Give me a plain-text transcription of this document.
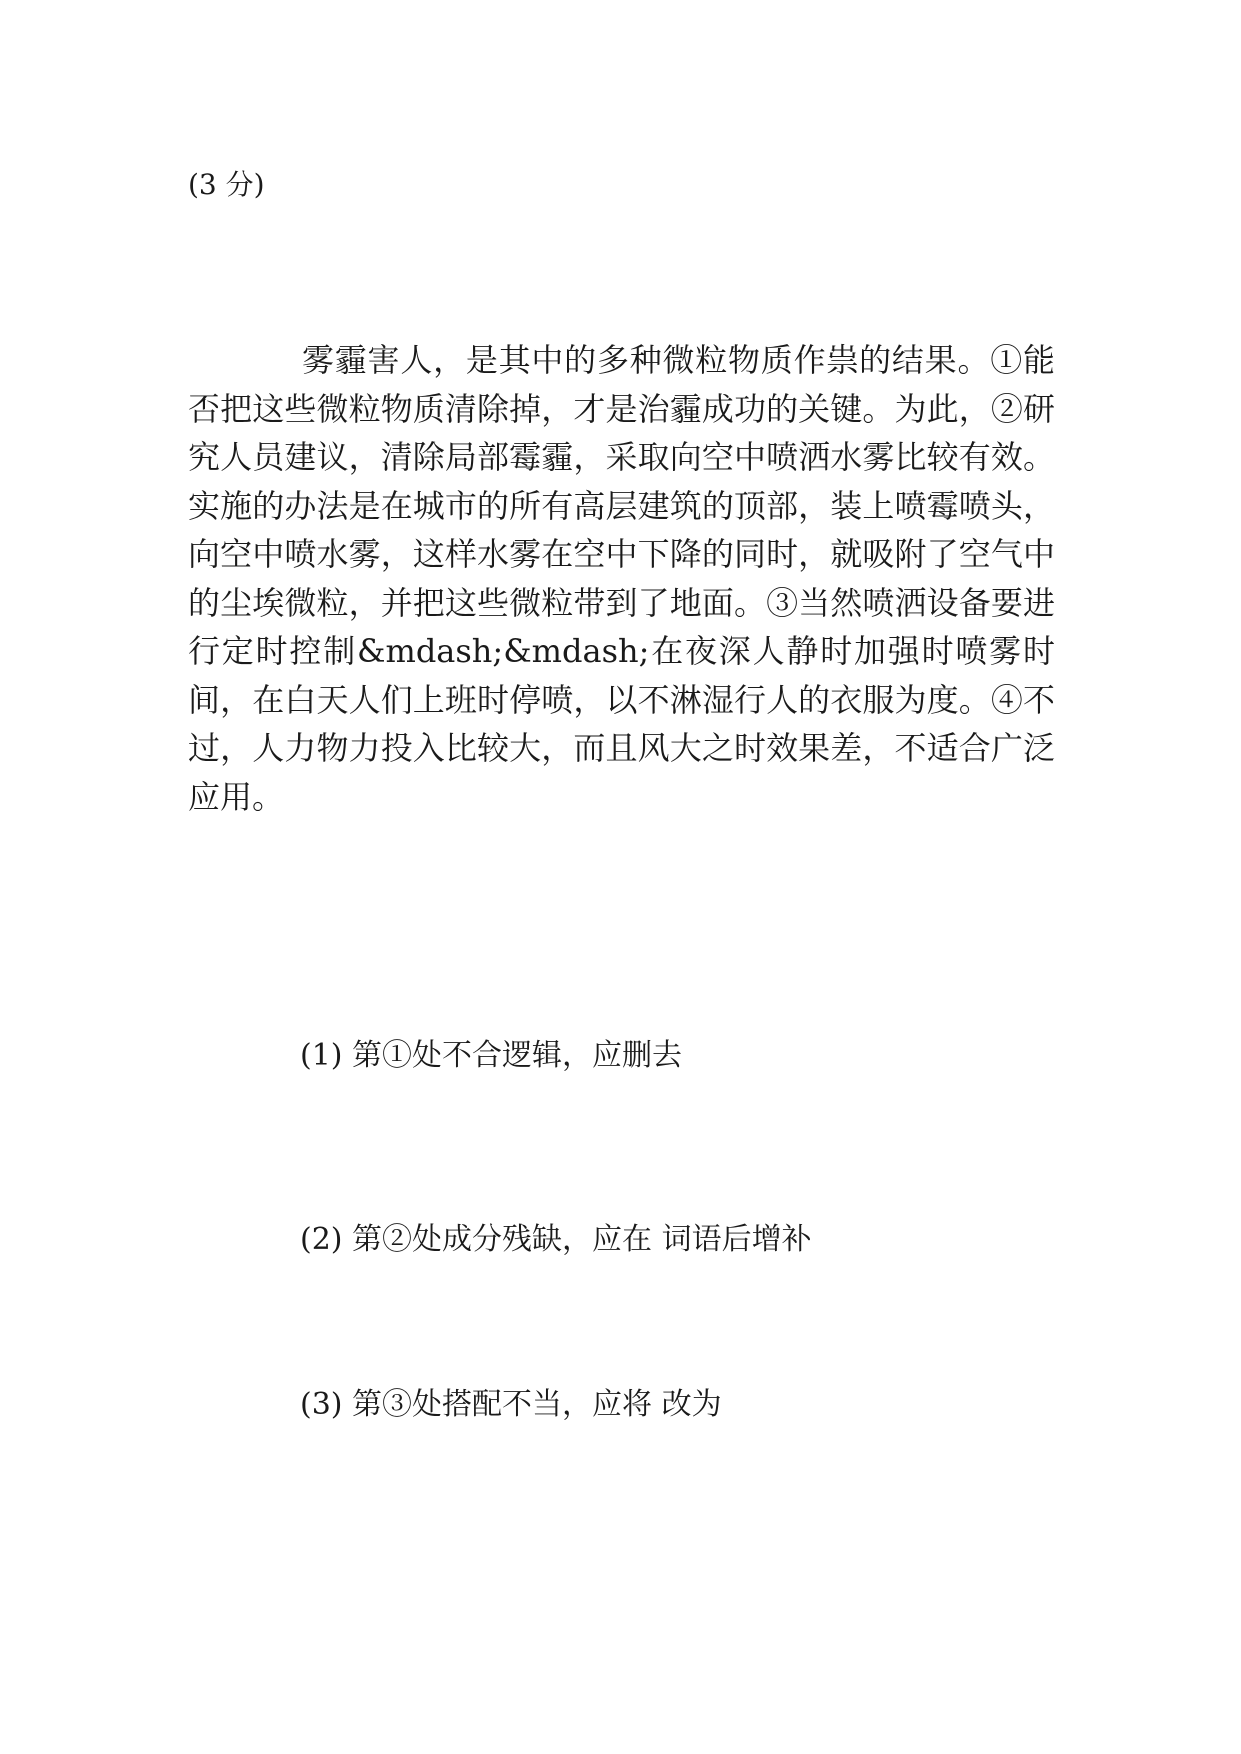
(3 分)

雾霾害人，是其中的多种微粒物质作祟的结果。①能否把这些微粒物质清除掉，才是治霾成功的关键。为此，②研究人员建议，清除局部霉霾，采取向空中喷洒水雾比较有效。实施的办法是在城市的所有高层建筑的顶部，装上喷霉喷头，向空中喷水雾，这样水雾在空中下降的同时，就吸附了空气中的尘埃微粒，并把这些微粒带到了地面。③当然喷洒设备要进行定时控制&mdash;&mdash;在夜深人静时加强时喷雾时间，在白天人们上班时停喷，以不淋湿行人的衣服为度。④不过，人力物力投入比较大，而且风大之时效果差，不适合广泛应用。

(1) 第①处不合逻辑，应删去
(2) 第②处成分残缺，应在 词语后增补
(3) 第③处搭配不当，应将 改为
